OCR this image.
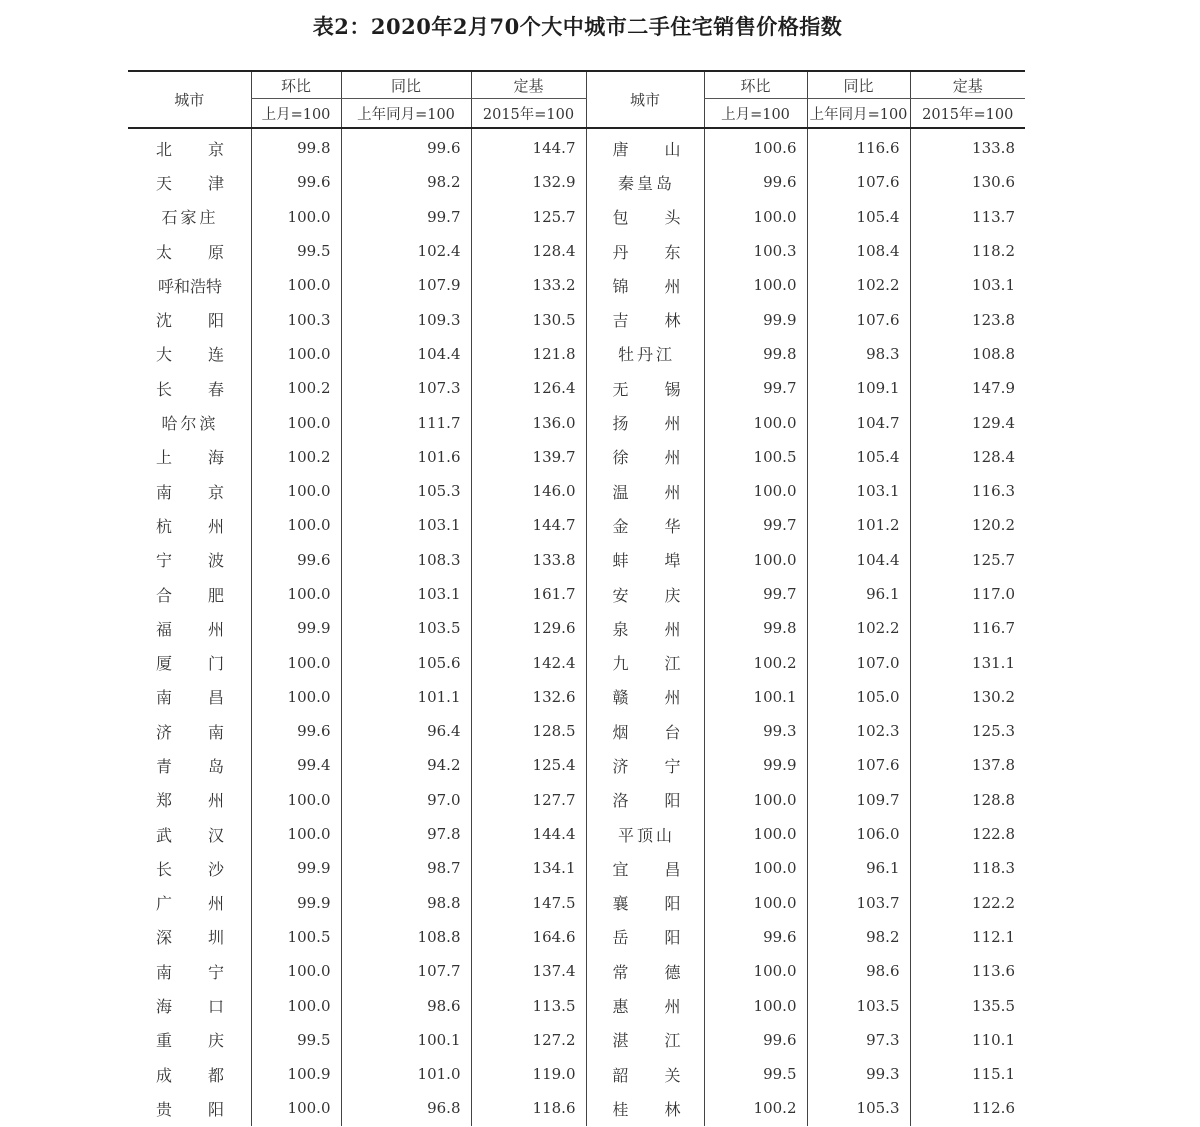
表2：2020年2月70个大中城市二手住宅销售价格指数
城市	环比	同比	定基	城市	环比	同比	定基
	上月=100	上年同月=100	2015年=100		上月=100	上年同月=100	2015年=100

北 京	99.8	99.6	144.7	唐 山	100.6	116.6	133.8

天 津	99.6	98.2	132.9	秦皇岛	99.6	107.6	130.6

石家庄	100.0	99.7	125.7	包 头	100.0	105.4	113.7

太 原	99.5	102.4	128.4	丹 东	100.3	108.4	118.2

呼和浩特	100.0	107.9	133.2	锦 州	100.0	102.2	103.1

沈 阳	100.3	109.3	130.5	吉 林	99.9	107.6	123.8

大 连	100.0	104.4	121.8	牡丹江	99.8	98.3	108.8

长 春	100.2	107.3	126.4	无 锡	99.7	109.1	147.9

哈尔滨	100.0	111.7	136.0	扬 州	100.0	104.7	129.4

上 海	100.2	101.6	139.7	徐 州	100.5	105.4	128.4

南 京	100.0	105.3	146.0	温 州	100.0	103.1	116.3

杭 州	100.0	103.1	144.7	金 华	99.7	101.2	120.2

宁 波	99.6	108.3	133.8	蚌 埠	100.0	104.4	125.7

合 肥	100.0	103.1	161.7	安 庆	99.7	96.1	117.0

福 州	99.9	103.5	129.6	泉 州	99.8	102.2	116.7

厦 门	100.0	105.6	142.4	九 江	100.2	107.0	131.1

南 昌	100.0	101.1	132.6	赣 州	100.1	105.0	130.2

济 南	99.6	96.4	128.5	烟 台	99.3	102.3	125.3

青 岛	99.4	94.2	125.4	济 宁	99.9	107.6	137.8

郑 州	100.0	97.0	127.7	洛 阳	100.0	109.7	128.8

武 汉	100.0	97.8	144.4	平顶山	100.0	106.0	122.8

长 沙	99.9	98.7	134.1	宜 昌	100.0	96.1	118.3

广 州	99.9	98.8	147.5	襄 阳	100.0	103.7	122.2

深 圳	100.5	108.8	164.6	岳 阳	99.6	98.2	112.1

南 宁	100.0	107.7	137.4	常 德	100.0	98.6	113.6

海 口	100.0	98.6	113.5	惠 州	100.0	103.5	135.5

重 庆	99.5	100.1	127.2	湛 江	99.6	97.3	110.1

成 都	100.9	101.0	119.0	韶 关	99.5	99.3	115.1

贵 阳	100.0	96.8	118.6	桂 林	100.2	105.3	112.6
